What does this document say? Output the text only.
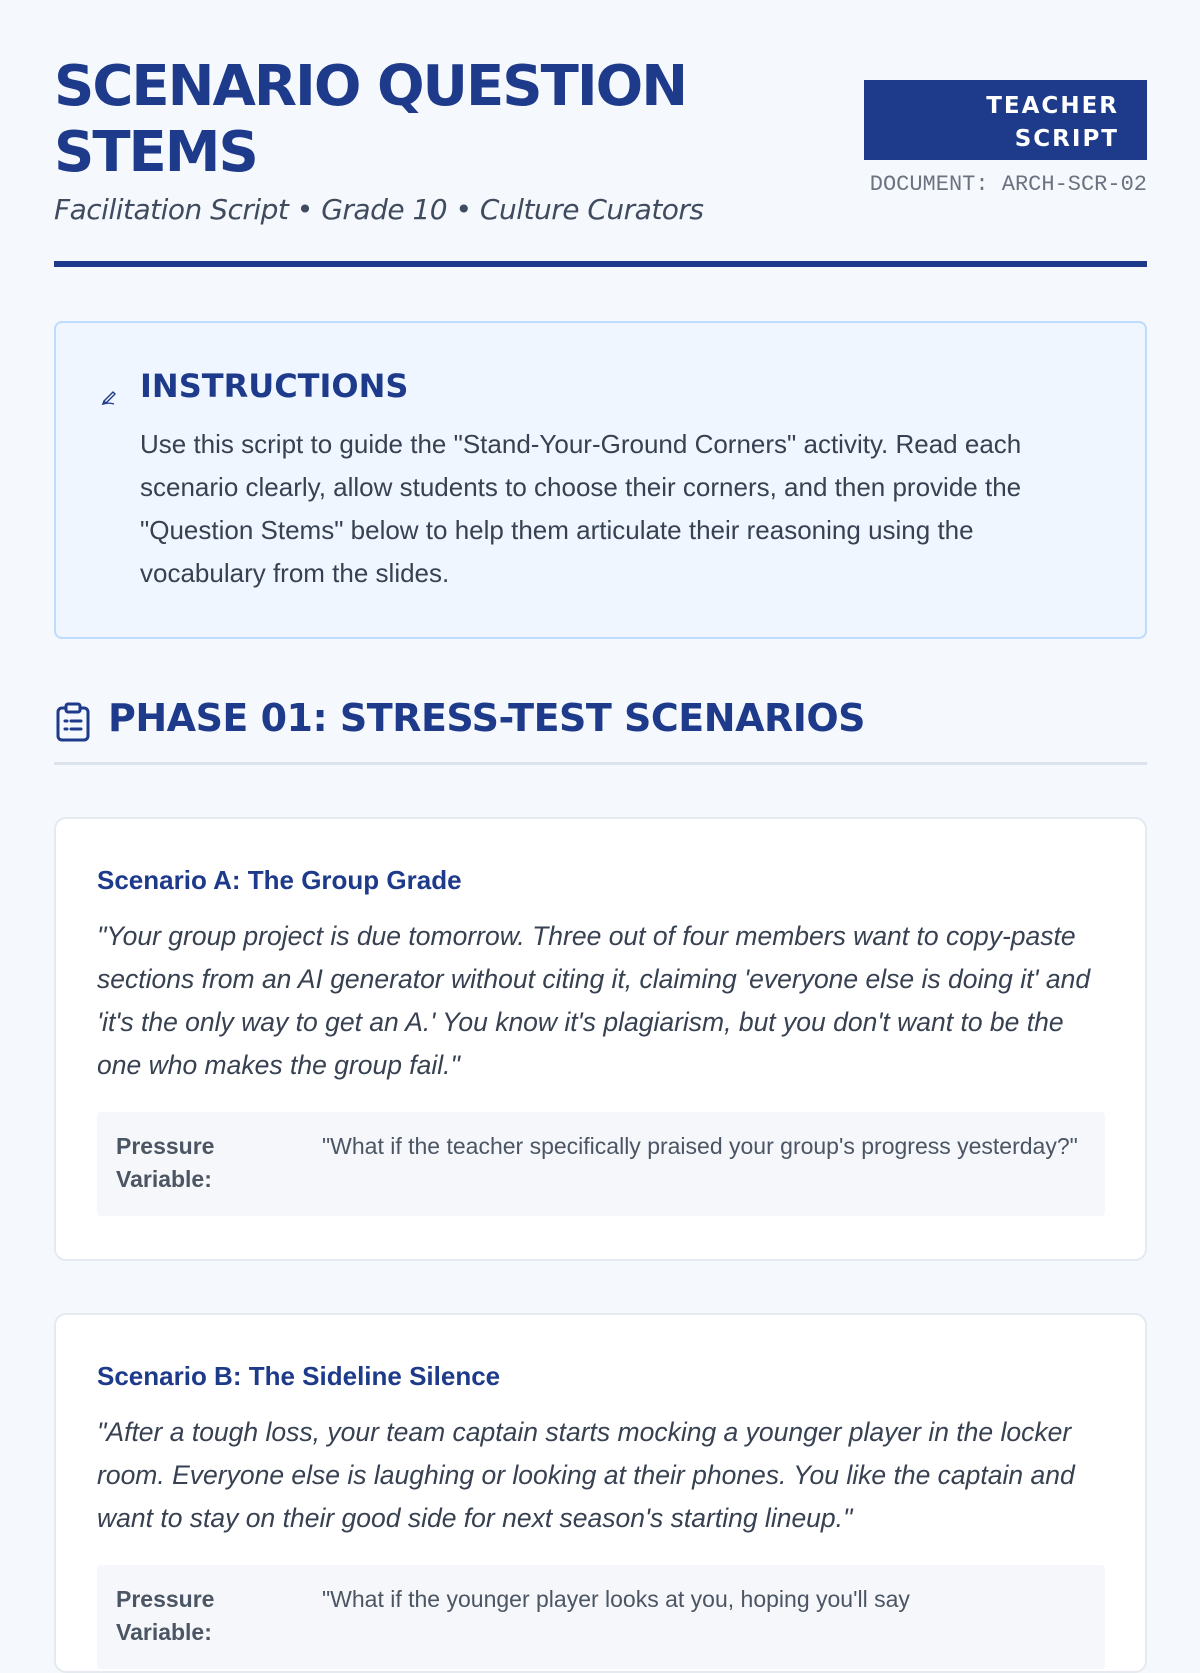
SCENARIO QUESTION STEMS

Facilitation Script • Grade 10 • Culture Curators

TEACHER
SCRIPT
DOCUMENT: ARCH-SCR-02
INSTRUCTIONS

Use this script to guide the "Stand-Your-Ground Corners" activity. Read each scenario clearly, allow students to choose their corners, and then provide the "Question Stems" below to help them articulate their reasoning using the vocabulary from the slides.

PHASE 01: STRESS-TEST SCENARIOS
Scenario A: The Group Grade

"Your group project is due tomorrow. Three out of four members want to copy-paste sections from an AI generator without citing it, claiming 'everyone else is doing it' and 'it's the only way to get an A.' You know it's plagiarism, but you don't want to be the one who makes the group fail."

Pressure Variable:

"What if the teacher specifically praised your group's progress yesterday?"

Scenario B: The Sideline Silence

"After a tough loss, your team captain starts mocking a younger player in the locker room. Everyone else is laughing or looking at their phones. You like the captain and want to stay on their good side for next season's starting lineup."

Pressure Variable:

"What if the younger player looks at you, hoping you'll say
